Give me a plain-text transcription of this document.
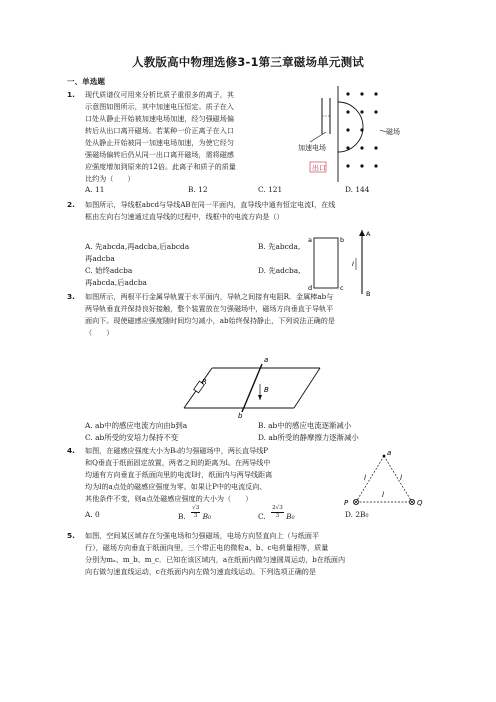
人教版高中物理选修3-1第三章磁场单元测试
一、单选题
1. 现代质谱仪可用来分析比质子重很多的离子，其
示意图如图所示，其中加速电压恒定。质子在入
口处从静止开始被加速电场加速，经匀强磁场偏
转后从出口离开磁场。若某种一价正离子在入口
处从静止开始被同一加速电场加速，为使它经匀
强磁场偏转后仍从同一出口离开磁场，需将磁感
应强度增加到原来的12倍。此离子和质子的质量
比约为（　　）
加速电场
磁场
出口
A. 11	B. 12	C. 121	D. 144
2. 如图所示，导线框abcd与导线AB在同一平面内，直导线中通有恒定电流I，在线
框由左向右匀速通过直导线的过程中，线框中的电流方向是（）
a	b
c
d
A
B
I
A. 先abcda,再adcba,后abcda
再adcba
B. 先abcda,
C. 始终adcba
再abcda,后adcba
D. 先adcba,
3. 如图所示，两根平行金属导轨置于水平面内，导轨之间接有电阻R．金属棒ab与
两导轨垂直并保持良好接触，整个装置放在匀强磁场中，磁场方向垂直于导轨平
面向下。现使磁感应强度随时间均匀减小，ab始终保持静止，下列说法正确的是
（　　）
R
a
b
B
A. ab中的感应电流方向由b到a	B. ab中的感应电流逐渐减小
C. ab所受的安培力保持不变	D. ab所受的静摩擦力逐渐减小
4. 如图，在磁感应强度大小为B₀的匀强磁场中，两长直导线P
和Q垂直于纸面固定放置，两者之间的距离为l。在两导线中
均通有方向垂直于纸面向里的电流I时，纸面内与两导线距离
均为l的a点处的磁感应强度为零。如果让P中的电流反向、
其他条件不变，则a点处磁感应强度的大小为（　　）
a
P	Q
l	l
l
A. 0	B. $\frac{√3}{3} B_0$	C. $\frac{2√3}{3} B_0$	D. 2B₀
5. 如图，空间某区域存在匀强电场和匀强磁场，电场方向竖直向上（与纸面平
行），磁场方向垂直于纸面向里，三个带正电的微粒a、b、c电荷量相等，质量
分别为mₐ、m_b、m_c．已知在该区域内，a在纸面内做匀速圆周运动，b在纸面内
向右做匀速直线运动，c在纸面内向左做匀速直线运动。下列选项正确的是
